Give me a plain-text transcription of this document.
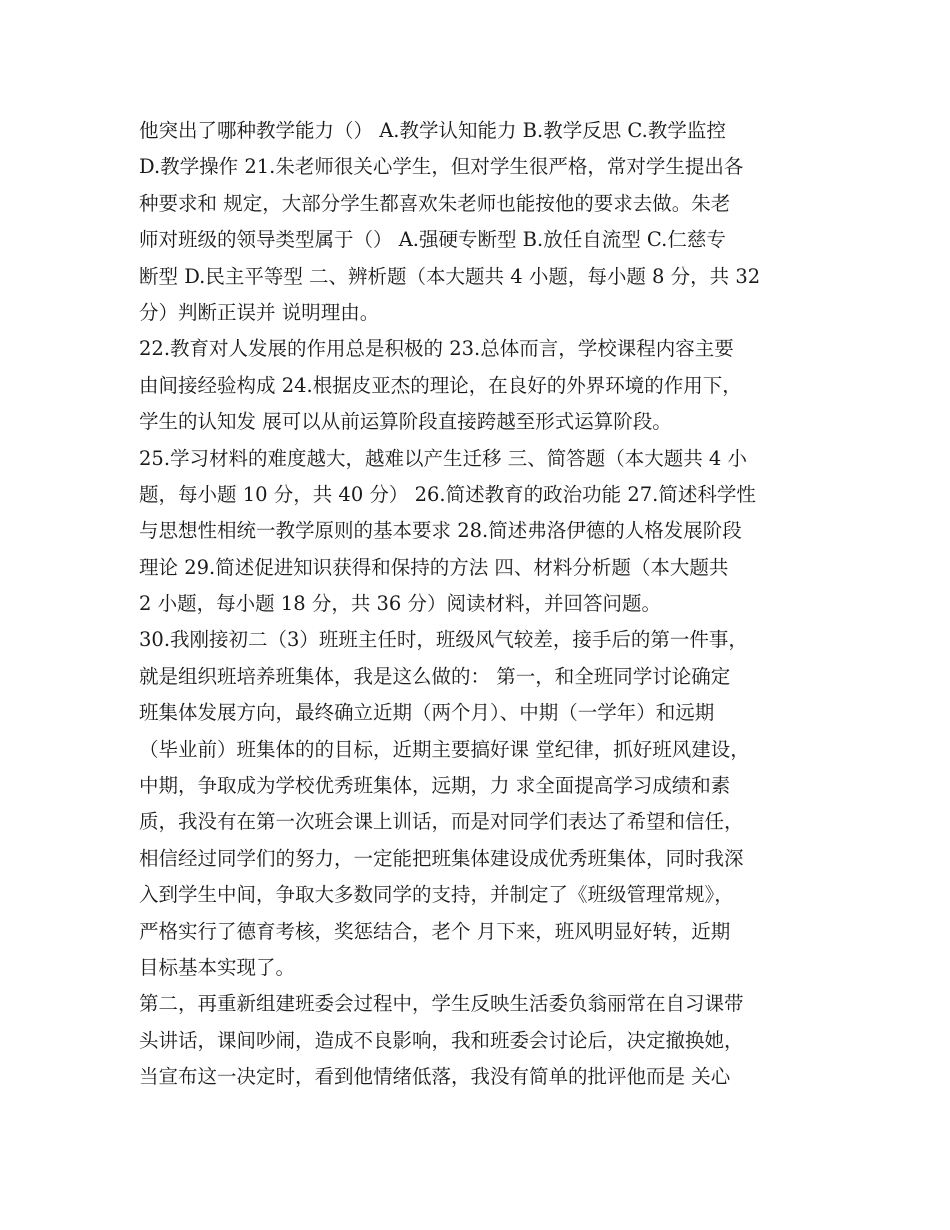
他突出了哪种教学能力（） A.教学认知能力 B.教学反思 C.教学监控
D.教学操作 21.朱老师很关心学生，但对学生很严格，常对学生提出各
种要求和 规定，大部分学生都喜欢朱老师也能按他的要求去做。朱老
师对班级的领导类型属于（） A.强硬专断型 B.放任自流型 C.仁慈专
断型 D.民主平等型 二、辨析题（本大题共 4 小题，每小题 8 分，共 32
分）判断正误并 说明理由。
22.教育对人发展的作用总是积极的 23.总体而言，学校课程内容主要
由间接经验构成 24.根据皮亚杰的理论，在良好的外界环境的作用下，
学生的认知发 展可以从前运算阶段直接跨越至形式运算阶段。
25.学习材料的难度越大，越难以产生迁移 三、简答题（本大题共 4 小
题，每小题 10 分，共 40 分） 26.简述教育的政治功能 27.简述科学性
与思想性相统一教学原则的基本要求 28.简述弗洛伊德的人格发展阶段
理论 29.简述促进知识获得和保持的方法 四、材料分析题（本大题共
2 小题，每小题 18 分，共 36 分）阅读材料，并回答问题。
30.我刚接初二（3）班班主任时，班级风气较差，接手后的第一件事，
就是组织班培养班集体，我是这么做的： 第一，和全班同学讨论确定
班集体发展方向，最终确立近期（两个月）、中期（一学年）和远期
（毕业前）班集体的的目标，近期主要搞好课 堂纪律，抓好班风建设，
中期，争取成为学校优秀班集体，远期，力 求全面提高学习成绩和素
质，我没有在第一次班会课上训话，而是对同学们表达了希望和信任，
相信经过同学们的努力，一定能把班集体建设成优秀班集体，同时我深
入到学生中间，争取大多数同学的支持，并制定了《班级管理常规》，
严格实行了德育考核，奖惩结合，老个 月下来，班风明显好转，近期
目标基本实现了。
第二，再重新组建班委会过程中，学生反映生活委负翁丽常在自习课带
头讲话，课间吵闹，造成不良影响，我和班委会讨论后，决定撤换她，
当宣布这一决定时，看到他情绪低落，我没有简单的批评他而是 关心
